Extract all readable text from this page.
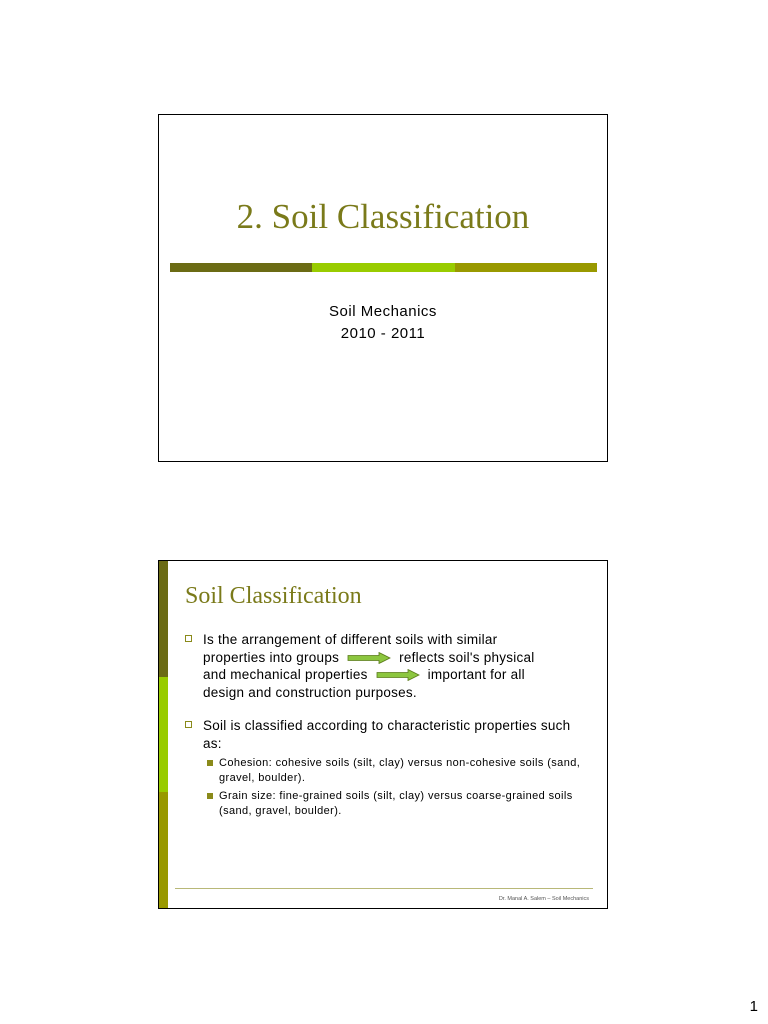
2. Soil Classification
Soil Mechanics
2010 - 2011
Soil Classification
Is the arrangement of different soils with similar
properties into groups	reflects soil's physical
and mechanical properties	important for all
design and construction purposes.
Soil is classified according to characteristic properties such as:
Cohesion: cohesive soils (silt, clay) versus non-cohesive soils (sand, gravel, boulder).
Grain size: fine-grained soils (silt, clay) versus coarse-grained soils (sand, gravel, boulder).
Dr. Manal A. Salem – Soil Mechanics
1
